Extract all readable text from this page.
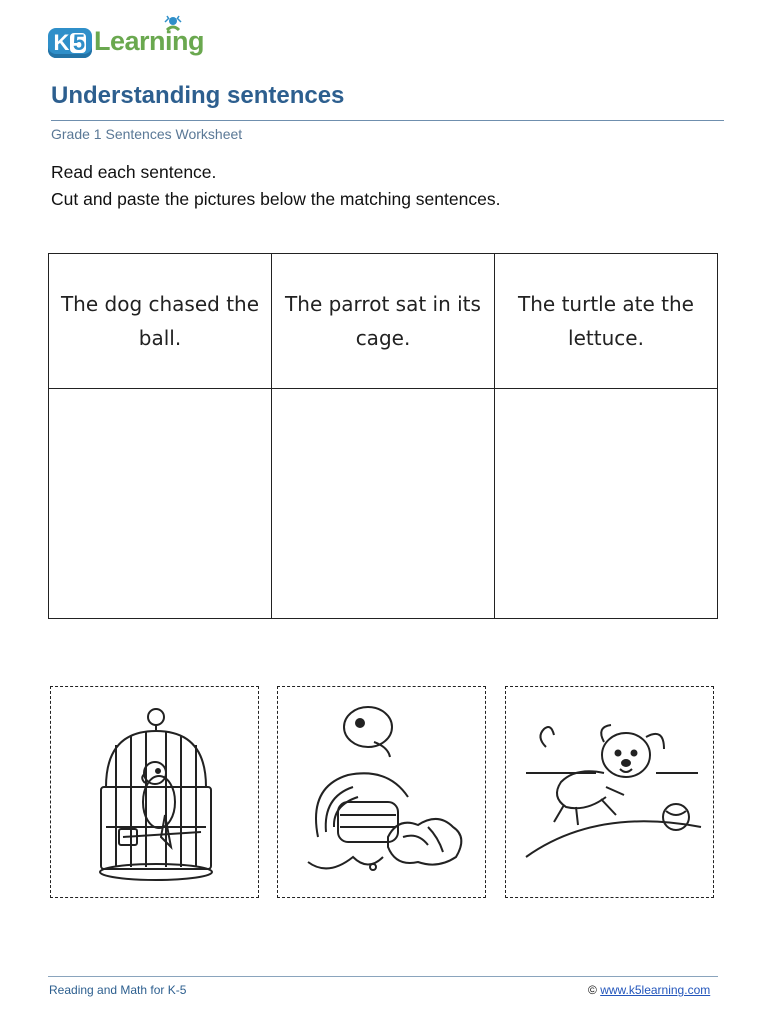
K 5 Learning
Understanding sentences
Grade 1 Sentences Worksheet
Read each sentence.
Cut and paste the pictures below the matching sentences.
The dog chased the ball.	The parrot sat in its cage.	The turtle ate the lettuce.

Reading and Math for K-5	© www.k5learning.com
